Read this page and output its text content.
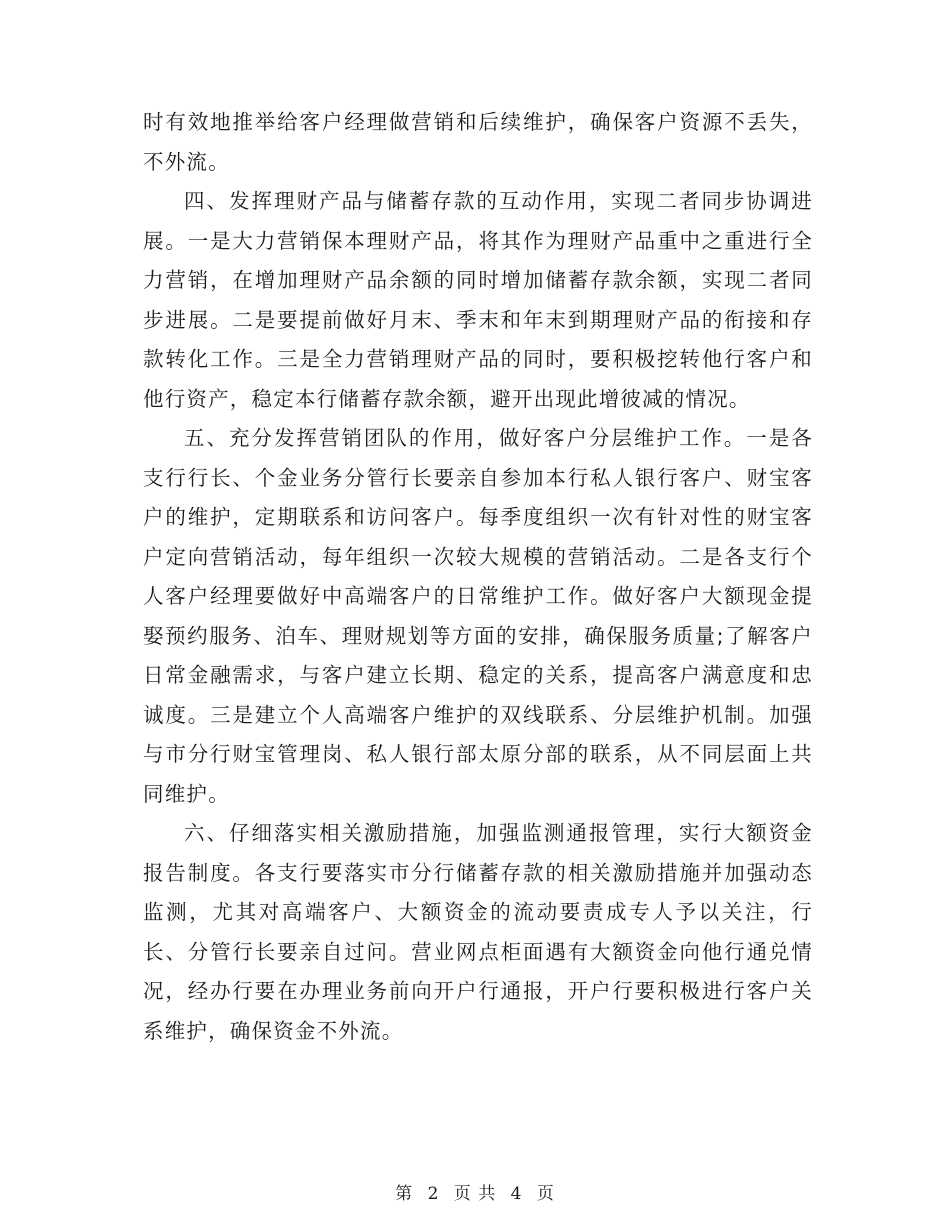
时有效地推举给客户经理做营销和后续维护，确保客户资源不丢失，不外流。

四、发挥理财产品与储蓄存款的互动作用，实现二者同步协调进展。一是大力营销保本理财产品，将其作为理财产品重中之重进行全力营销，在增加理财产品余额的同时增加储蓄存款余额，实现二者同步进展。二是要提前做好月末、季末和年末到期理财产品的衔接和存款转化工作。三是全力营销理财产品的同时，要积极挖转他行客户和他行资产，稳定本行储蓄存款余额，避开出现此增彼减的情况。

五、充分发挥营销团队的作用，做好客户分层维护工作。一是各支行行长、个金业务分管行长要亲自参加本行私人银行客户、财宝客户的维护，定期联系和访问客户。每季度组织一次有针对性的财宝客户定向营销活动，每年组织一次较大规模的营销活动。二是各支行个人客户经理要做好中高端客户的日常维护工作。做好客户大额现金提娶预约服务、泊车、理财规划等方面的安排，确保服务质量;了解客户日常金融需求，与客户建立长期、稳定的关系，提高客户满意度和忠诚度。三是建立个人高端客户维护的双线联系、分层维护机制。加强与市分行财宝管理岗、私人银行部太原分部的联系，从不同层面上共同维护。

六、仔细落实相关激励措施，加强监测通报管理，实行大额资金报告制度。各支行要落实市分行储蓄存款的相关激励措施并加强动态监测，尤其对高端客户、大额资金的流动要责成专人予以关注，行长、分管行长要亲自过问。营业网点柜面遇有大额资金向他行通兑情况，经办行要在办理业务前向开户行通报，开户行要积极进行客户关系维护，确保资金不外流。

第 2 页 共 4 页
